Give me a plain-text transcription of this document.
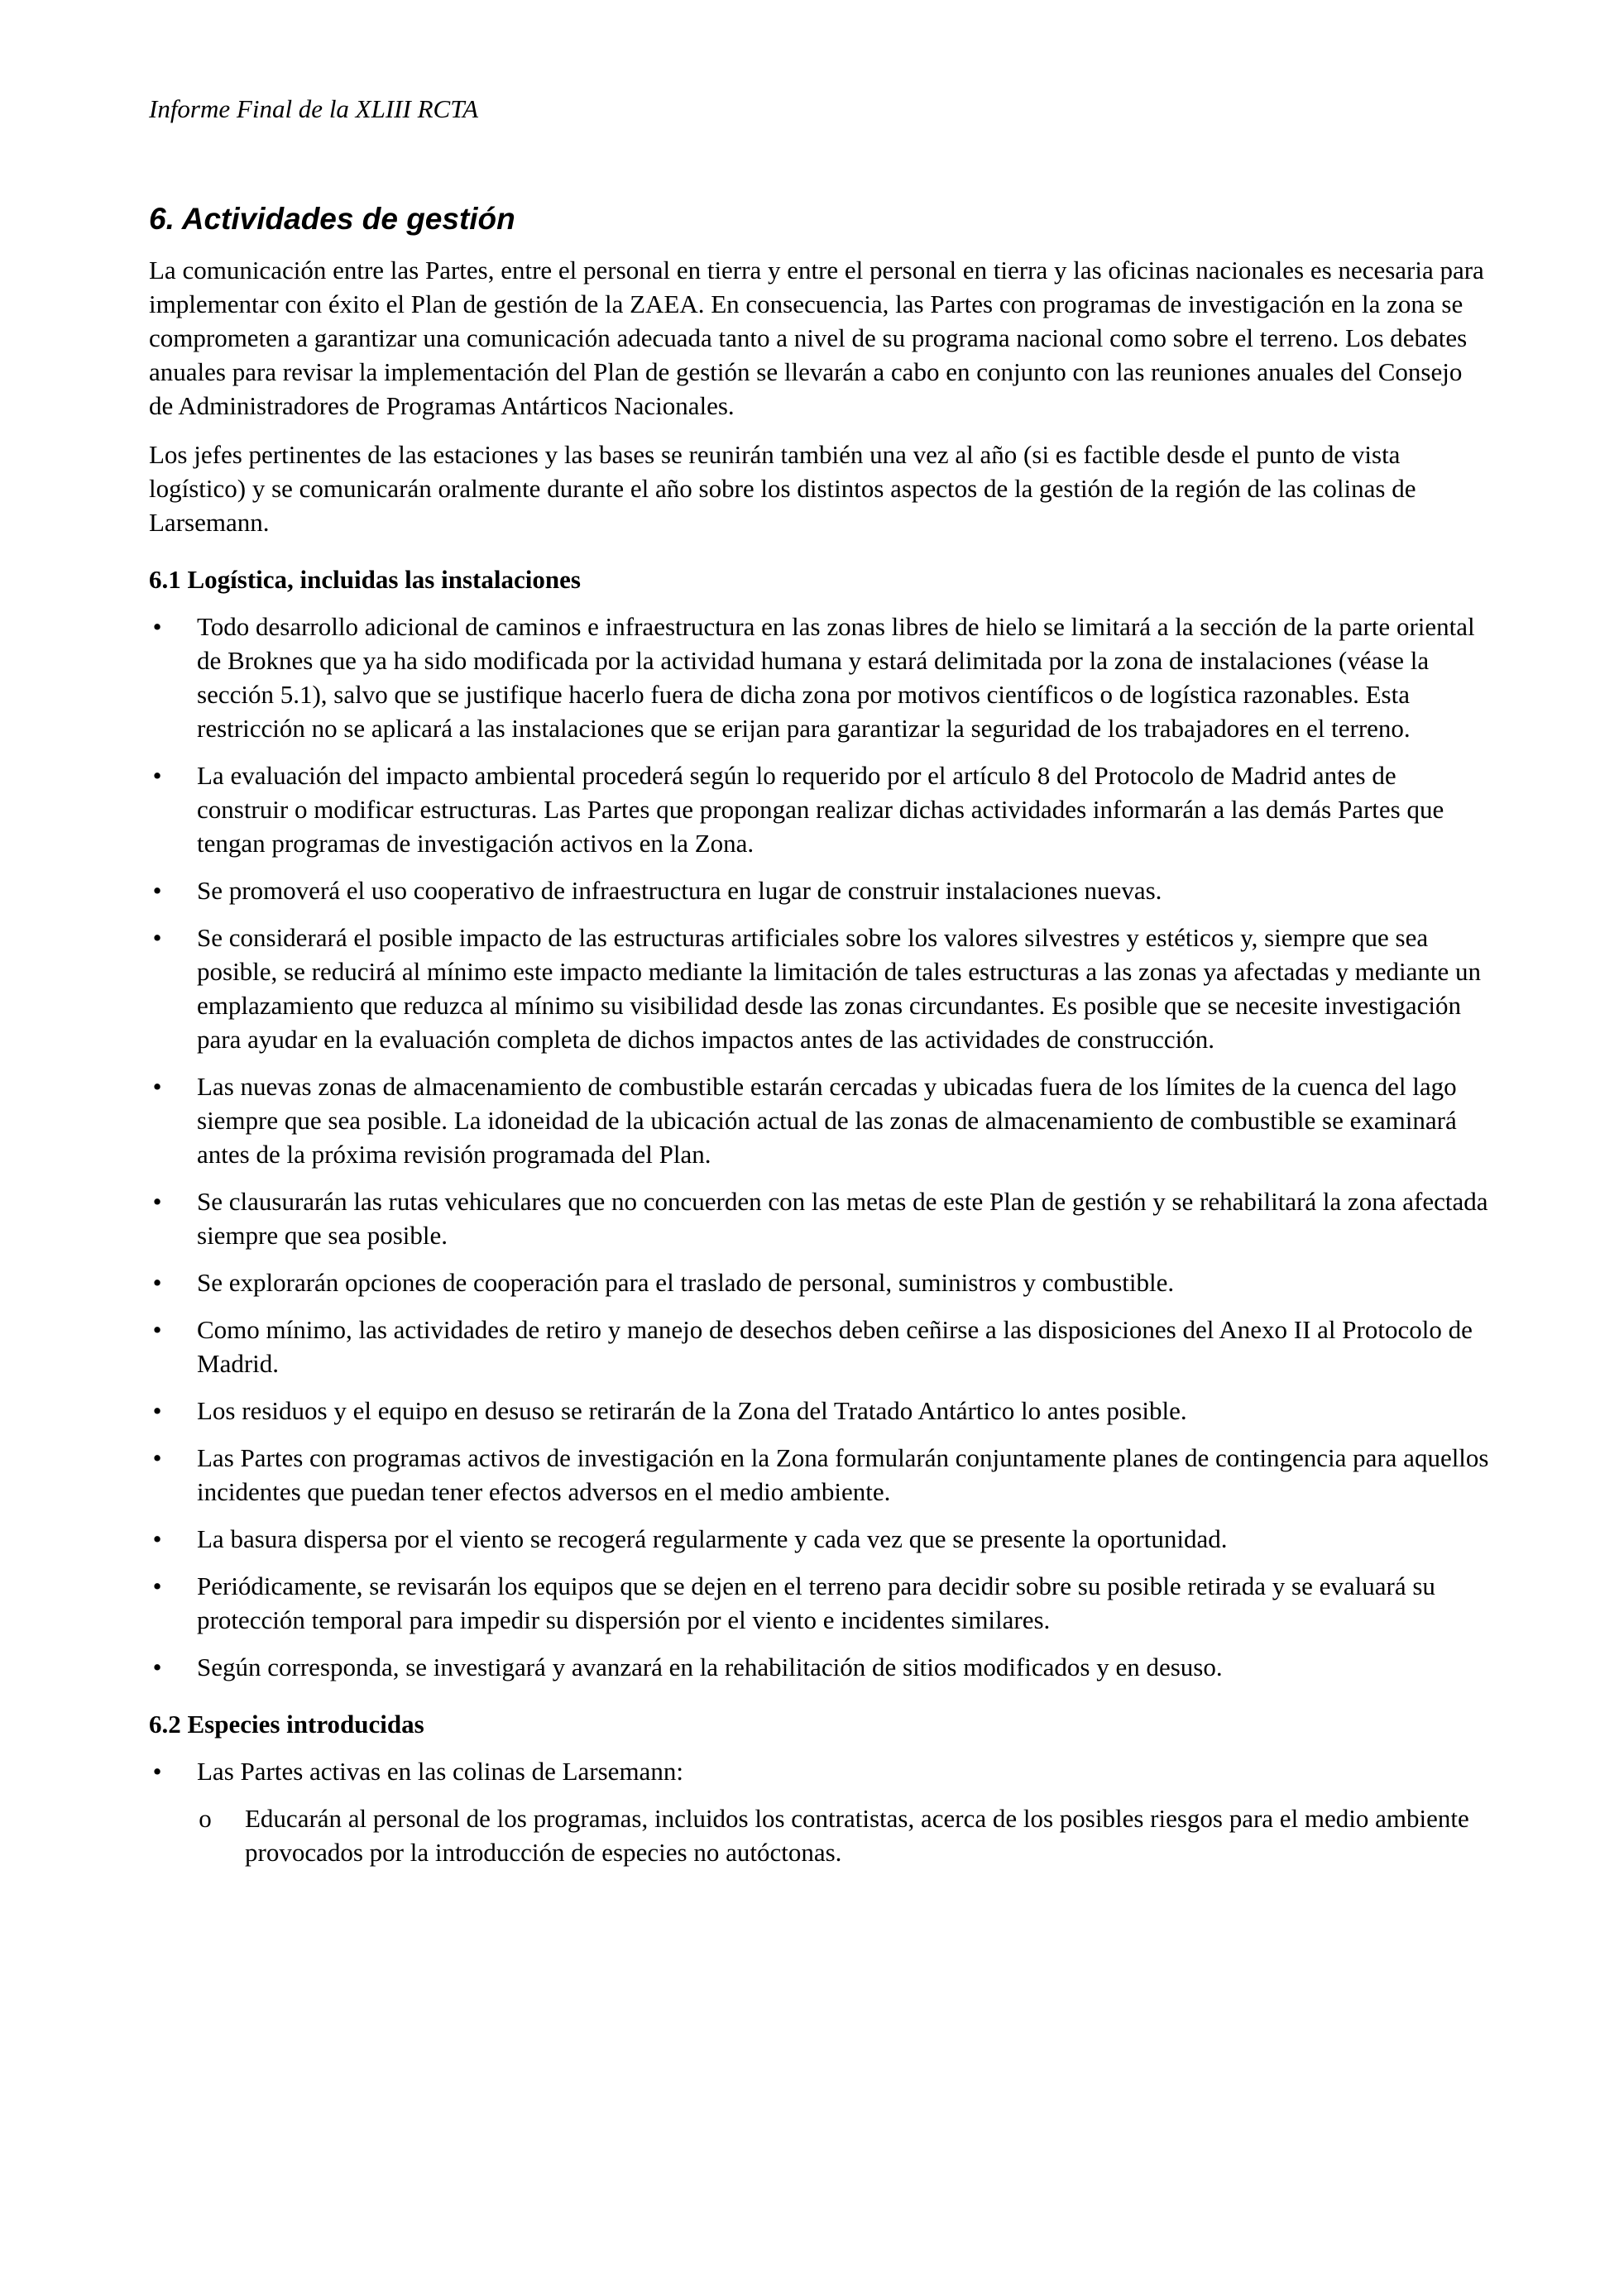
Informe Final de la XLIII RCTA
6. Actividades de gestión

La comunicación entre las Partes, entre el personal en tierra y entre el personal en tierra y las oficinas nacionales es necesaria para implementar con éxito el Plan de gestión de la ZAEA. En consecuencia, las Partes con programas de investigación en la zona se comprometen a garantizar una comunicación adecuada tanto a nivel de su programa nacional como sobre el terreno. Los debates anuales para revisar la implementación del Plan de gestión se llevarán a cabo en conjunto con las reuniones anuales del Consejo de Administradores de Programas Antárticos Nacionales.

Los jefes pertinentes de las estaciones y las bases se reunirán también una vez al año (si es factible desde el punto de vista logístico) y se comunicarán oralmente durante el año sobre los distintos aspectos de la gestión de la región de las colinas de Larsemann.

6.1 Logística, incluidas las instalaciones
• Todo desarrollo adicional de caminos e infraestructura en las zonas libres de hielo se limitará a la sección de la parte oriental de Broknes que ya ha sido modificada por la actividad humana y estará delimitada por la zona de instalaciones (véase la sección 5.1), salvo que se justifique hacerlo fuera de dicha zona por motivos científicos o de logística razonables. Esta restricción no se aplicará a las instalaciones que se erijan para garantizar la seguridad de los trabajadores en el terreno.
• La evaluación del impacto ambiental procederá según lo requerido por el artículo 8 del Protocolo de Madrid antes de construir o modificar estructuras. Las Partes que propongan realizar dichas actividades informarán a las demás Partes que tengan programas de investigación activos en la Zona.
• Se promoverá el uso cooperativo de infraestructura en lugar de construir instalaciones nuevas.
• Se considerará el posible impacto de las estructuras artificiales sobre los valores silvestres y estéticos y, siempre que sea posible, se reducirá al mínimo este impacto mediante la limitación de tales estructuras a las zonas ya afectadas y mediante un emplazamiento que reduzca al mínimo su visibilidad desde las zonas circundantes. Es posible que se necesite investigación para ayudar en la evaluación completa de dichos impactos antes de las actividades de construcción.
• Las nuevas zonas de almacenamiento de combustible estarán cercadas y ubicadas fuera de los límites de la cuenca del lago siempre que sea posible. La idoneidad de la ubicación actual de las zonas de almacenamiento de combustible se examinará antes de la próxima revisión programada del Plan.
• Se clausurarán las rutas vehiculares que no concuerden con las metas de este Plan de gestión y se rehabilitará la zona afectada siempre que sea posible.
• Se explorarán opciones de cooperación para el traslado de personal, suministros y combustible.
• Como mínimo, las actividades de retiro y manejo de desechos deben ceñirse a las disposiciones del Anexo II al Protocolo de Madrid.
• Los residuos y el equipo en desuso se retirarán de la Zona del Tratado Antártico lo antes posible.
• Las Partes con programas activos de investigación en la Zona formularán conjuntamente planes de contingencia para aquellos incidentes que puedan tener efectos adversos en el medio ambiente.
• La basura dispersa por el viento se recogerá regularmente y cada vez que se presente la oportunidad.
• Periódicamente, se revisarán los equipos que se dejen en el terreno para decidir sobre su posible retirada y se evaluará su protección temporal para impedir su dispersión por el viento e incidentes similares.
• Según corresponda, se investigará y avanzará en la rehabilitación de sitios modificados y en desuso.
6.2 Especies introducidas
• Las Partes activas en las colinas de Larsemann:
o Educarán al personal de los programas, incluidos los contratistas, acerca de los posibles riesgos para el medio ambiente provocados por la introducción de especies no autóctonas.
